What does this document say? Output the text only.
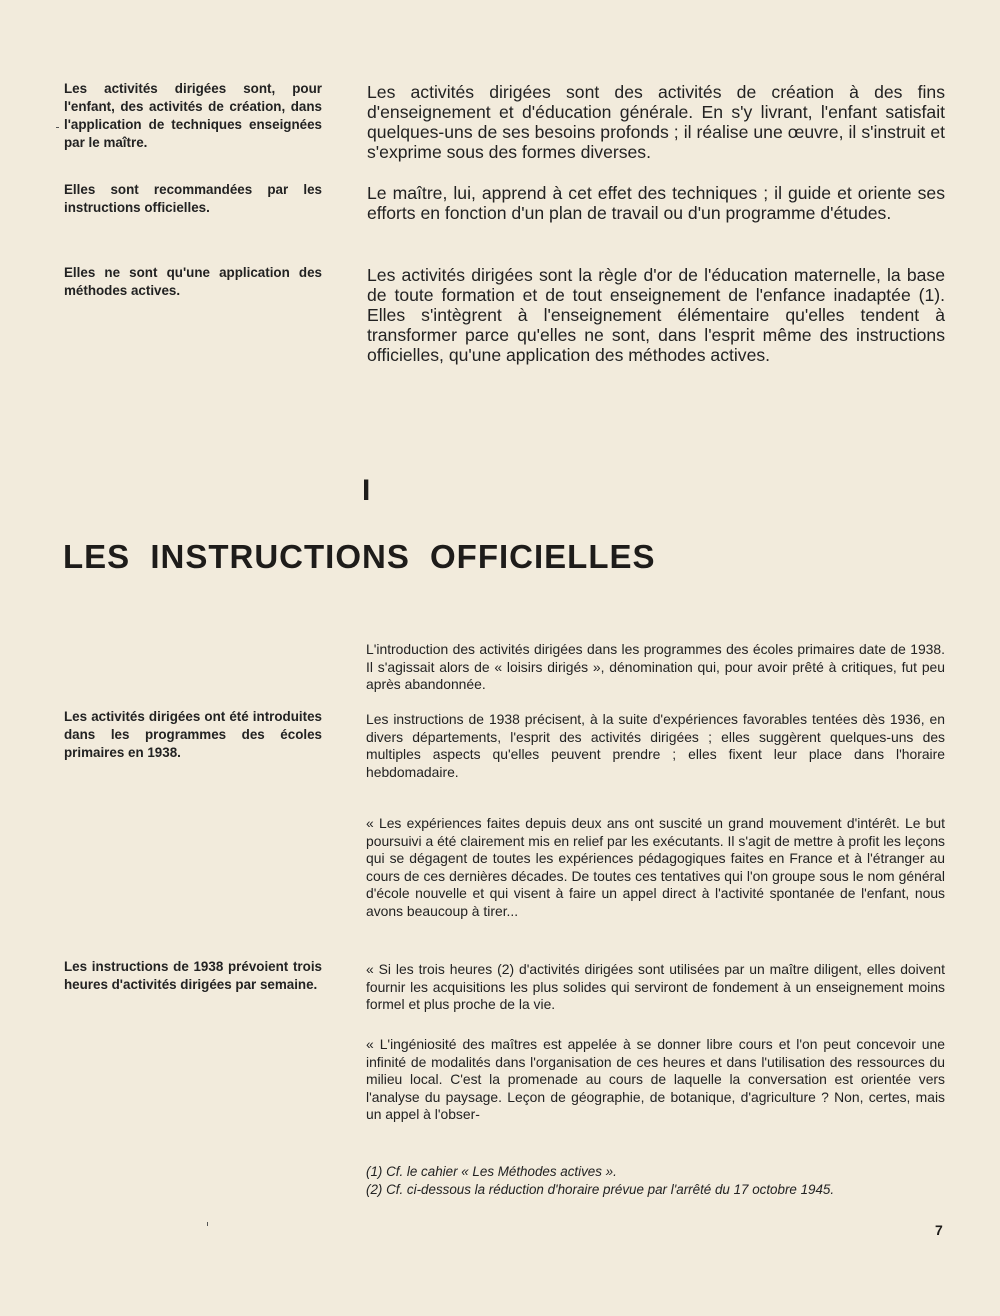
Les activités dirigées sont, pour l'enfant, des activités de création, dans l'application de techniques enseignées par le maître.
Les activités dirigées sont des activités de création à des fins d'enseignement et d'éducation générale. En s'y livrant, l'enfant satisfait quelques-uns de ses besoins profonds ; il réalise une œuvre, il s'instruit et s'exprime sous des formes diverses.
Elles sont recommandées par les instructions officielles.
Le maître, lui, apprend à cet effet des techniques ; il guide et oriente ses efforts en fonction d'un plan de travail ou d'un programme d'études.
Elles ne sont qu'une application des méthodes actives.
Les activités dirigées sont la règle d'or de l'éducation maternelle, la base de toute formation et de tout enseignement de l'enfance inadaptée (1). Elles s'intègrent à l'enseignement élémentaire qu'elles tendent à transformer parce qu'elles ne sont, dans l'esprit même des instructions officielles, qu'une application des méthodes actives.
I
LES INSTRUCTIONS OFFICIELLES
L'introduction des activités dirigées dans les programmes des écoles primaires date de 1938. Il s'agissait alors de « loisirs dirigés », dénomination qui, pour avoir prêté à critiques, fut peu après abandonnée.
Les activités dirigées ont été introduites dans les programmes des écoles primaires en 1938.
Les instructions de 1938 précisent, à la suite d'expériences favorables tentées dès 1936, en divers départements, l'esprit des activités dirigées ; elles suggèrent quelques-uns des multiples aspects qu'elles peuvent prendre ; elles fixent leur place dans l'horaire hebdomadaire.
« Les expériences faites depuis deux ans ont suscité un grand mouvement d'intérêt. Le but poursuivi a été clairement mis en relief par les exécutants. Il s'agit de mettre à profit les leçons qui se dégagent de toutes les expériences pédagogiques faites en France et à l'étranger au cours de ces dernières décades. De toutes ces tentatives qui l'on groupe sous le nom général d'école nouvelle et qui visent à faire un appel direct à l'activité spontanée de l'enfant, nous avons beaucoup à tirer...
Les instructions de 1938 prévoient trois heures d'activités dirigées par semaine.
« Si les trois heures (2) d'activités dirigées sont utilisées par un maître diligent, elles doivent fournir les acquisitions les plus solides qui serviront de fondement à un enseignement moins formel et plus proche de la vie.
« L'ingéniosité des maîtres est appelée à se donner libre cours et l'on peut concevoir une infinité de modalités dans l'organisation de ces heures et dans l'utilisation des ressources du milieu local. C'est la promenade au cours de laquelle la conversation est orientée vers l'analyse du paysage. Leçon de géographie, de botanique, d'agriculture ? Non, certes, mais un appel à l'obser-
(1) Cf. le cahier « Les Méthodes actives ».
(2) Cf. ci-dessous la réduction d'horaire prévue par l'arrêté du 17 octobre 1945.
7
